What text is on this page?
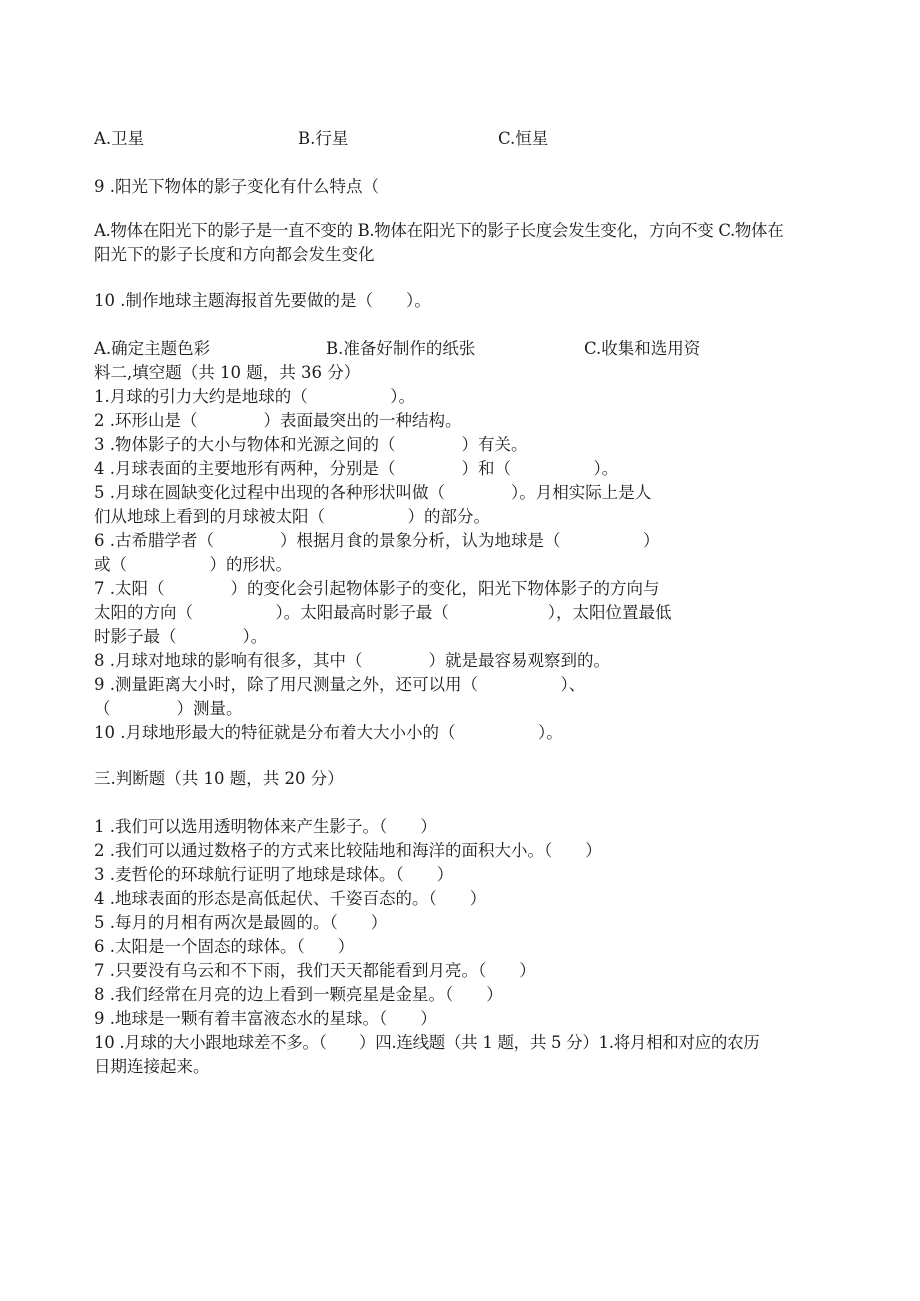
A.卫星	B.行星	C.恒星
9 .阳光下物体的影子变化有什么特点（
A.物体在阳光下的影子是一直不变的 B.物体在阳光下的影子长度会发生变化，方向不变 C.物体在
阳光下的影子长度和方向都会发生变化
10 .制作地球主题海报首先要做的是（　　）。
A.确定主题色彩	B.准备好制作的纸张	C.收集和选用资
料二,填空题（共 10 题，共 36 分）
1.月球的引力大约是地球的（　　　　　）。
2 .环形山是（　　　　）表面最突出的一种结构。
3 .物体影子的大小与物体和光源之间的（　　　　）有关。
4 .月球表面的主要地形有两种，分别是（　　　　）和（　　　　　）。
5 .月球在圆缺变化过程中出现的各种形状叫做（　　　　）。月相实际上是人
们从地球上看到的月球被太阳（　　　　　）的部分。
6 .古希腊学者（　　　　）根据月食的景象分析，认为地球是（　　　　　）
或（　　　　　）的形状。
7 .太阳（　　　　）的变化会引起物体影子的变化，阳光下物体影子的方向与
太阳的方向（　　　　　）。太阳最高时影子最（　　　　　　），太阳位置最低
时影子最（　　　　）。
8 .月球对地球的影响有很多，其中（　　　　）就是最容易观察到的。
9 .测量距离大小时，除了用尺测量之外，还可以用（　　　　　）、
（　　　　）测量。
10 .月球地形最大的特征就是分布着大大小小的（　　　　　）。
三.判断题（共 10 题，共 20 分）
1 .我们可以选用透明物体来产生影子。（　　）
2 .我们可以通过数格子的方式来比较陆地和海洋的面积大小。（　　）
3 .麦哲伦的环球航行证明了地球是球体。（　　）
4 .地球表面的形态是高低起伏、千姿百态的。（　　）
5 .每月的月相有两次是最圆的。（　　）
6 .太阳是一个固态的球体。（　　）
7 .只要没有乌云和不下雨，我们天天都能看到月亮。（　　）
8 .我们经常在月亮的边上看到一颗亮星是金星。（　　）
9 .地球是一颗有着丰富液态水的星球。（　　）
10 .月球的大小跟地球差不多。（　　）四.连线题（共 1 题，共 5 分）1.将月相和对应的农历
日期连接起来。
